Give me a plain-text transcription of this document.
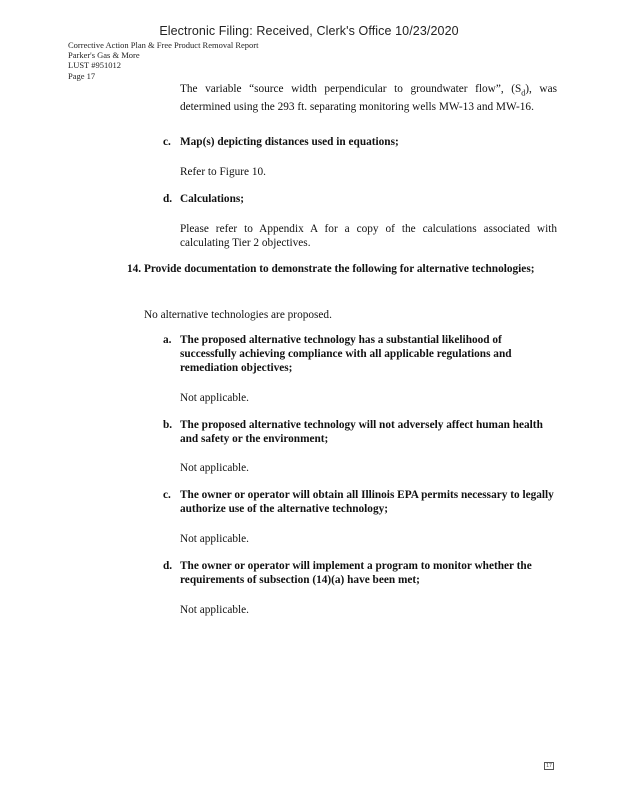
Electronic Filing: Received, Clerk's Office 10/23/2020
Corrective Action Plan & Free Product Removal Report
Parker's Gas & More
LUST #951012
Page 17
The variable “source width perpendicular to groundwater flow”, $(S_d)$, was determined using the 293 ft. separating monitoring wells MW-13 and MW-16.
c. Map(s) depicting distances used in equations;
Refer to Figure 10.
d. Calculations;
Please refer to Appendix A for a copy of the calculations associated with calculating Tier 2 objectives.
14. Provide documentation to demonstrate the following for alternative technologies;
No alternative technologies are proposed.
a. The proposed alternative technology has a substantial likelihood of successfully achieving compliance with all applicable regulations and remediation objectives;
Not applicable.
b. The proposed alternative technology will not adversely affect human health and safety or the environment;
Not applicable.
c. The owner or operator will obtain all Illinois EPA permits necessary to legally authorize use of the alternative technology;
Not applicable.
d. The owner or operator will implement a program to monitor whether the requirements of subsection (14)(a) have been met;
Not applicable.
17
